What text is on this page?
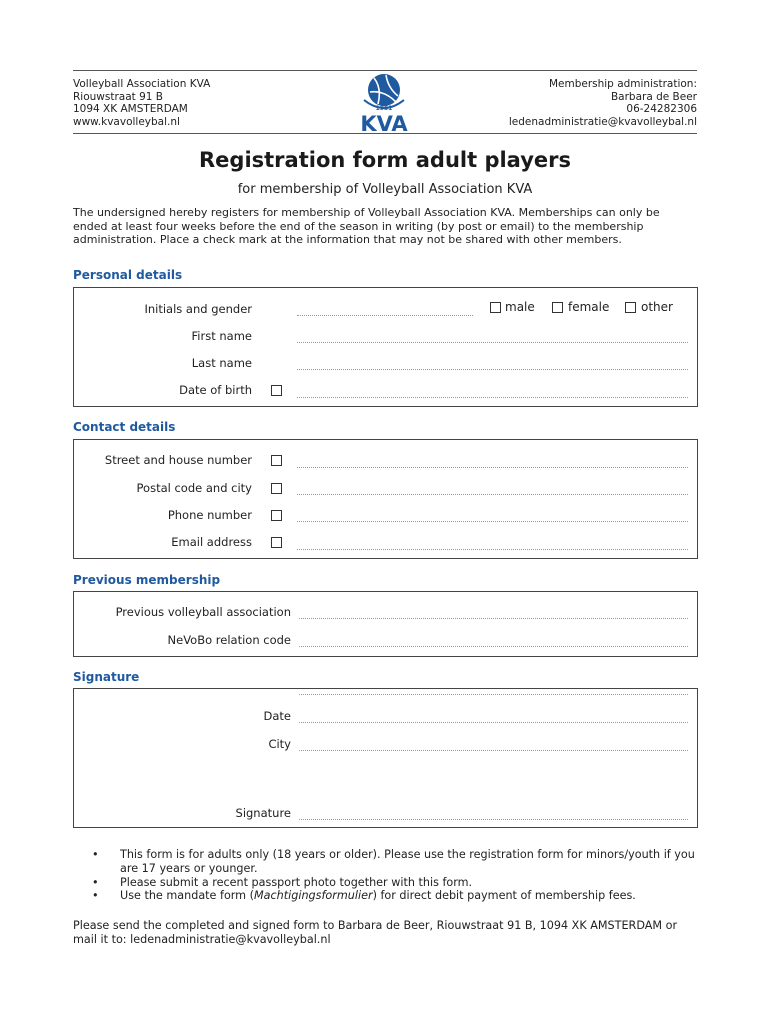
Volleyball Association KVA
Riouwstraat 91 B
1094 XK AMSTERDAM
www.kvavolleybal.nl
Membership administration:
Barbara de Beer
06-24282306
ledenadministratie@kvavolleybal.nl
1951
KVA
Registration form adult players
for membership of Volleyball Association KVA
The undersigned hereby registers for membership of Volleyball Association KVA. Memberships can only be ended at least four weeks before the end of the season in writing (by post or email) to the membership administration. Place a check mark at the information that may not be shared with other members.
Personal details
Initials and gender	male	female	other
First name
Last name
Date of birth
Contact details
Street and house number
Postal code and city
Phone number
Email address
Previous membership
Previous volleyball association
NeVoBo relation code
Signature
Date
City
Signature
• This form is for adults only (18 years or older). Please use the registration form for minors/youth if you are 17 years or younger.
• Please submit a recent passport photo together with this form.
• Use the mandate form (Machtigingsformulier) for direct debit payment of membership fees.
Please send the completed and signed form to Barbara de Beer, Riouwstraat 91 B, 1094 XK AMSTERDAM or mail it to: ledenadministratie@kvavolleybal.nl
